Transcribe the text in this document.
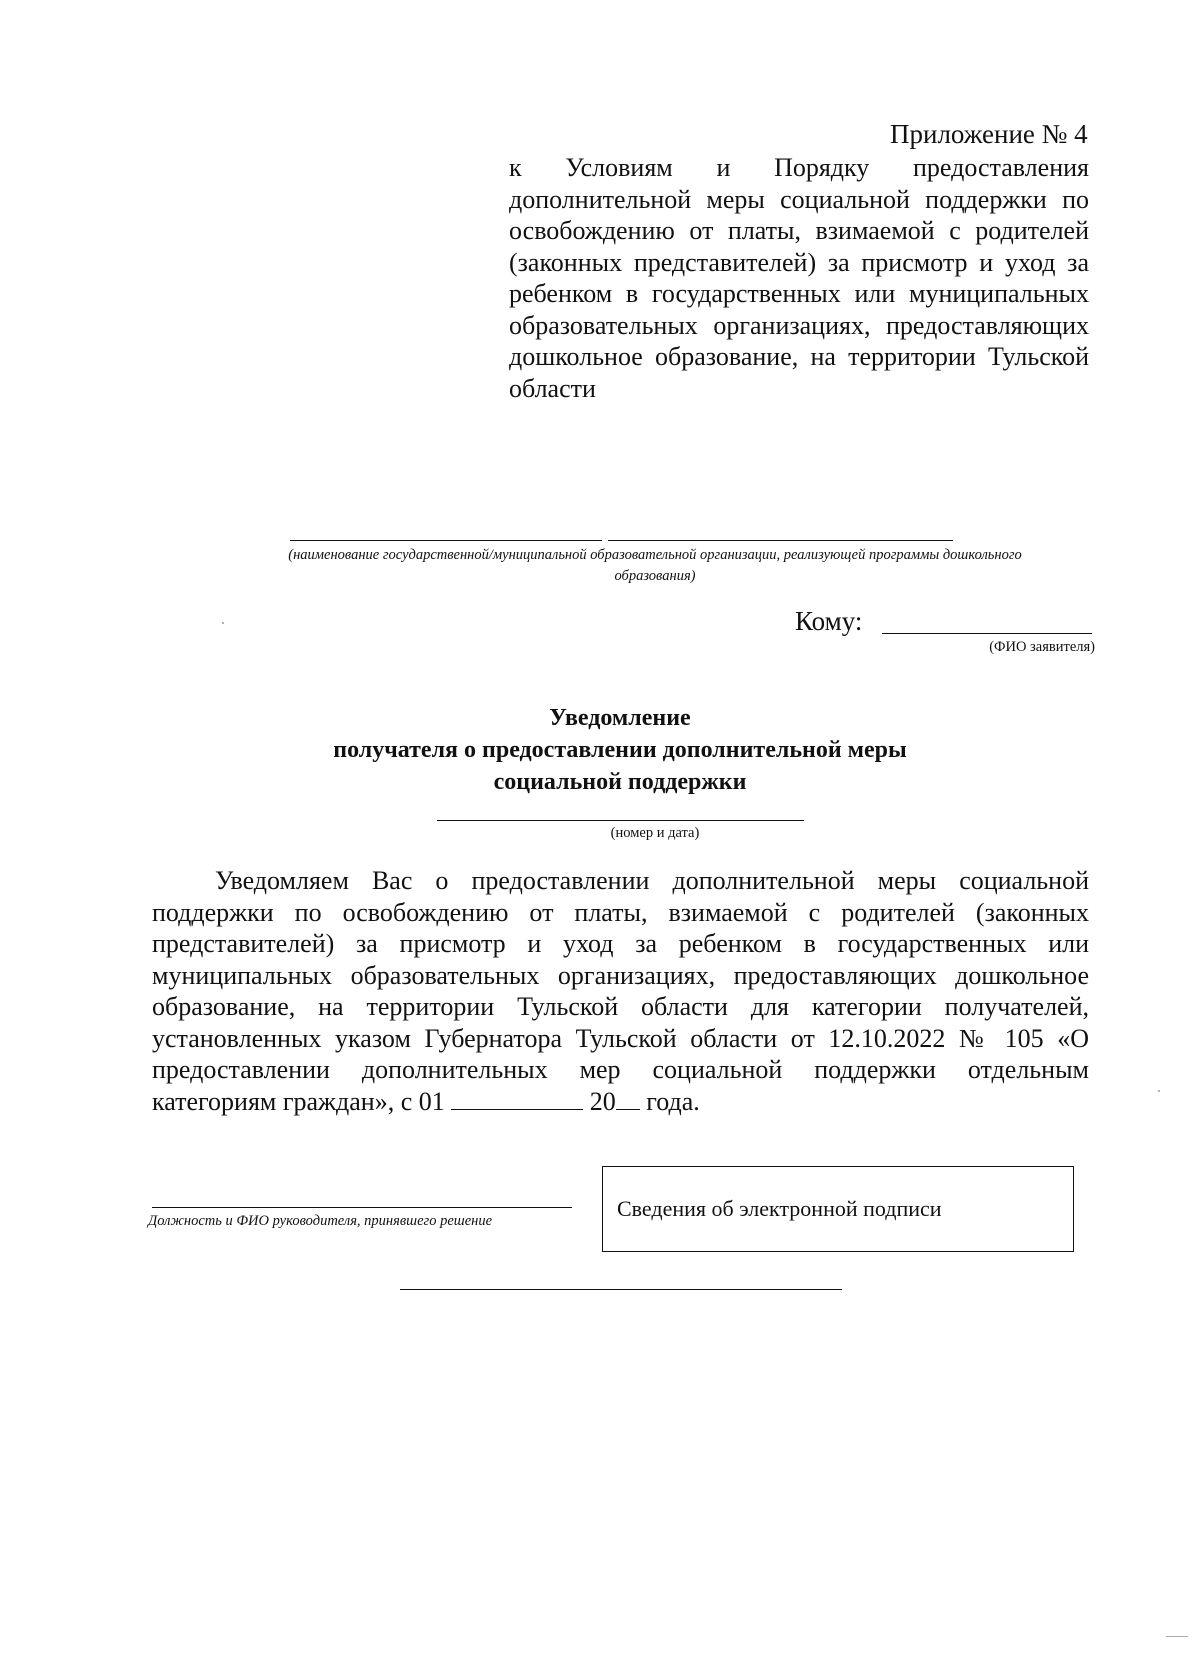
Приложение № 4
к Условиям и Порядку предоставления дополнительной меры социальной поддержки по освобождению от платы, взимаемой с родителей (законных представителей) за присмотр и уход за ребенком в государственных или муниципальных образовательных организациях, предоставляющих дошкольное образование, на территории Тульской области
(наименование государственной/муниципальной образовательной организации, реализующей программы дошкольного образования)
Кому:
(ФИО заявителя)
Уведомление
получателя о предоставлении дополнительной меры
социальной поддержки
(номер и дата)
Уведомляем Вас о предоставлении дополнительной меры социальной поддержки по освобождению от платы, взимаемой с родителей (законных представителей) за присмотр и уход за ребенком в государственных или муниципальных образовательных организациях, предоставляющих дошкольное образование, на территории Тульской области для категории получателей, установленных указом Губернатора Тульской области от 12.10.2022 № 105 «О предоставлении дополнительных мер социальной поддержки отдельным категориям граждан», с 01	20 года.
Должность и ФИО руководителя, принявшего решение	Сведения об электронной подписи
